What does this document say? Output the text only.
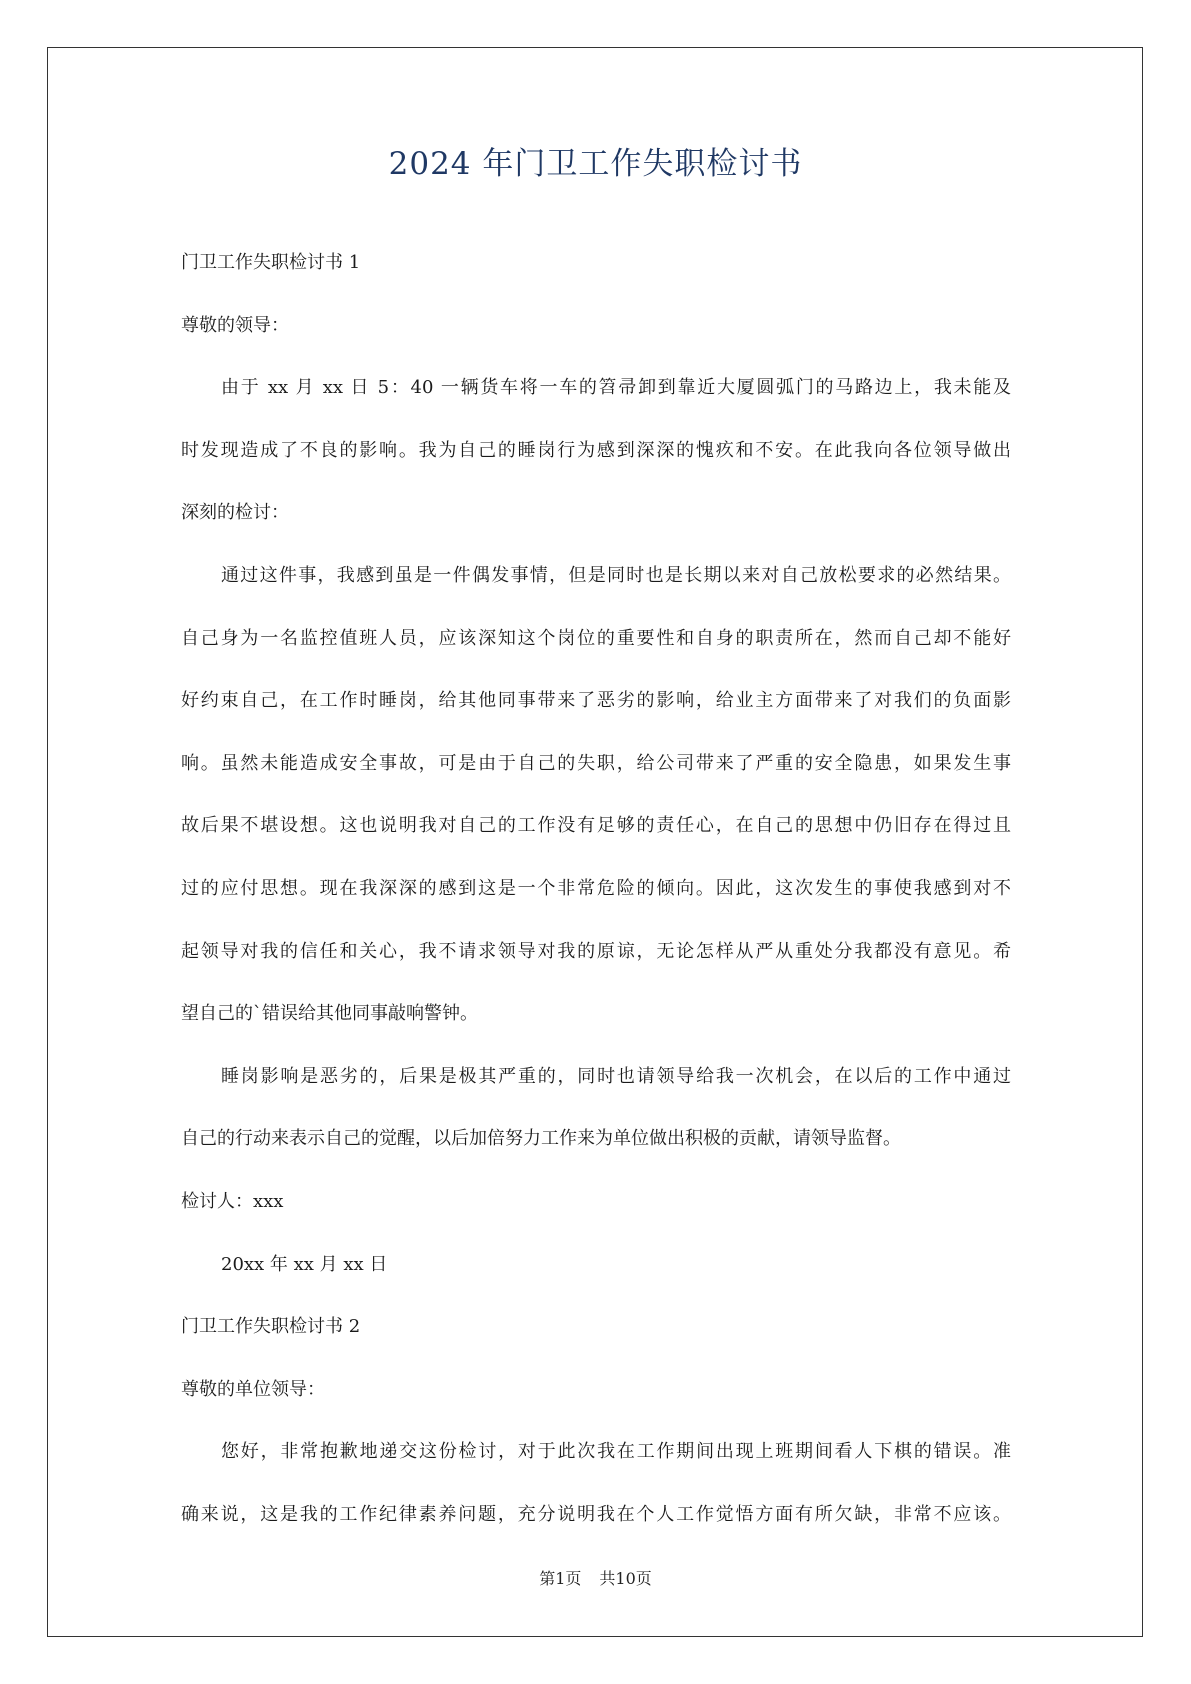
2024 年门卫工作失职检讨书
门卫工作失职检讨书 1
尊敬的领导：
由于 xx 月 xx 日 5：40 一辆货车将一车的笤帚卸到靠近大厦圆弧门的马路边上，我未能及
时发现造成了不良的影响。我为自己的睡岗行为感到深深的愧疚和不安。在此我向各位领导做出
深刻的检讨：
通过这件事，我感到虽是一件偶发事情，但是同时也是长期以来对自己放松要求的必然结果。
自己身为一名监控值班人员，应该深知这个岗位的重要性和自身的职责所在，然而自己却不能好
好约束自己，在工作时睡岗，给其他同事带来了恶劣的影响，给业主方面带来了对我们的负面影
响。虽然未能造成安全事故，可是由于自己的失职，给公司带来了严重的安全隐患，如果发生事
故后果不堪设想。这也说明我对自己的工作没有足够的责任心，在自己的思想中仍旧存在得过且
过的应付思想。现在我深深的感到这是一个非常危险的倾向。因此，这次发生的事使我感到对不
起领导对我的信任和关心，我不请求领导对我的原谅，无论怎样从严从重处分我都没有意见。希
望自己的`错误给其他同事敲响警钟。
睡岗影响是恶劣的，后果是极其严重的，同时也请领导给我一次机会，在以后的工作中通过
自己的行动来表示自己的觉醒，以后加倍努力工作来为单位做出积极的贡献，请领导监督。
检讨人：xxx
20xx 年 xx 月 xx 日
门卫工作失职检讨书 2
尊敬的单位领导：
您好，非常抱歉地递交这份检讨，对于此次我在工作期间出现上班期间看人下棋的错误。准
确来说，这是我的工作纪律素养问题，充分说明我在个人工作觉悟方面有所欠缺，非常不应该。
第1页 共10页
